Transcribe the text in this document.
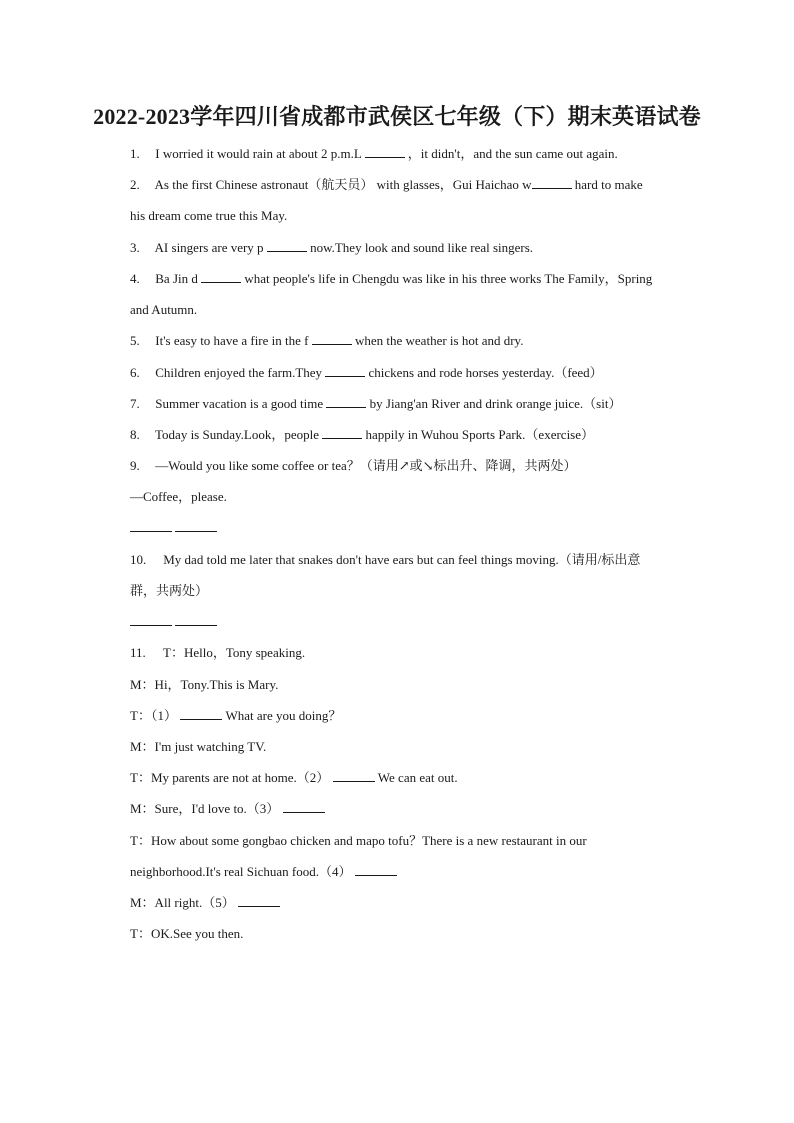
2022-2023学年四川省成都市武侯区七年级（下）期末英语试卷
1. I worried it would rain at about 2 p.m.L	，it didn't，and the sun came out again.
2. As the first Chinese astronaut（航天员） with glasses，Gui Haichao w	hard to make
his dream come true this May.
3. AI singers are very p	now.They look and sound like real singers.
4. Ba Jin d	what people's life in Chengdu was like in his three works The Family，Spring
and Autumn.
5. It's easy to have a fire in the f	when the weather is hot and dry.
6. Children enjoyed the farm.They	chickens and rode horses yesterday.（feed）
7. Summer vacation is a good time	by Jiang'an River and drink orange juice.（sit）
8. Today is Sunday.Look，people	happily in Wuhou Sports Park.（exercise）
9. —Would you like some coffee or tea？（请用↗或↘标出升、降调，共两处）
—Coffee，please.

10. My dad told me later that snakes don't have ears but can feel things moving.（请用/标出意
群，共两处）

11. T：Hello，Tony speaking.
M：Hi，Tony.This is Mary.
T：（1）	What are you doing？
M：I'm just watching TV.
T：My parents are not at home.（2）	We can eat out.
M：Sure，I'd love to.（3）
T：How about some gongbao chicken and mapo tofu？There is a new restaurant in our
neighborhood.It's real Sichuan food.（4）
M：All right.（5）
T：OK.See you then.
